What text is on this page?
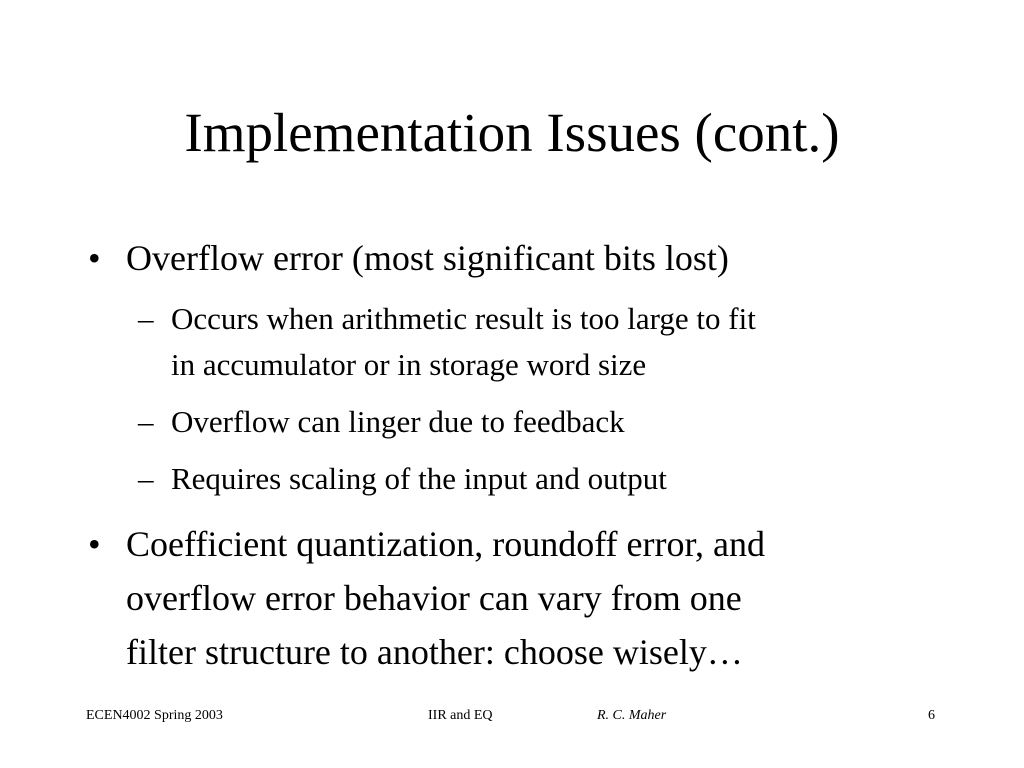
Implementation Issues (cont.)
• Overflow error (most significant bits lost)
– Occurs when arithmetic result is too large to fit
in accumulator or in storage word size
– Overflow can linger due to feedback
– Requires scaling of the input and output
• Coefficient quantization, roundoff error, and
overflow error behavior can vary from one
filter structure to another: choose wisely…
ECEN4002 Spring 2003	IIR and EQ	R. C. Maher	6
